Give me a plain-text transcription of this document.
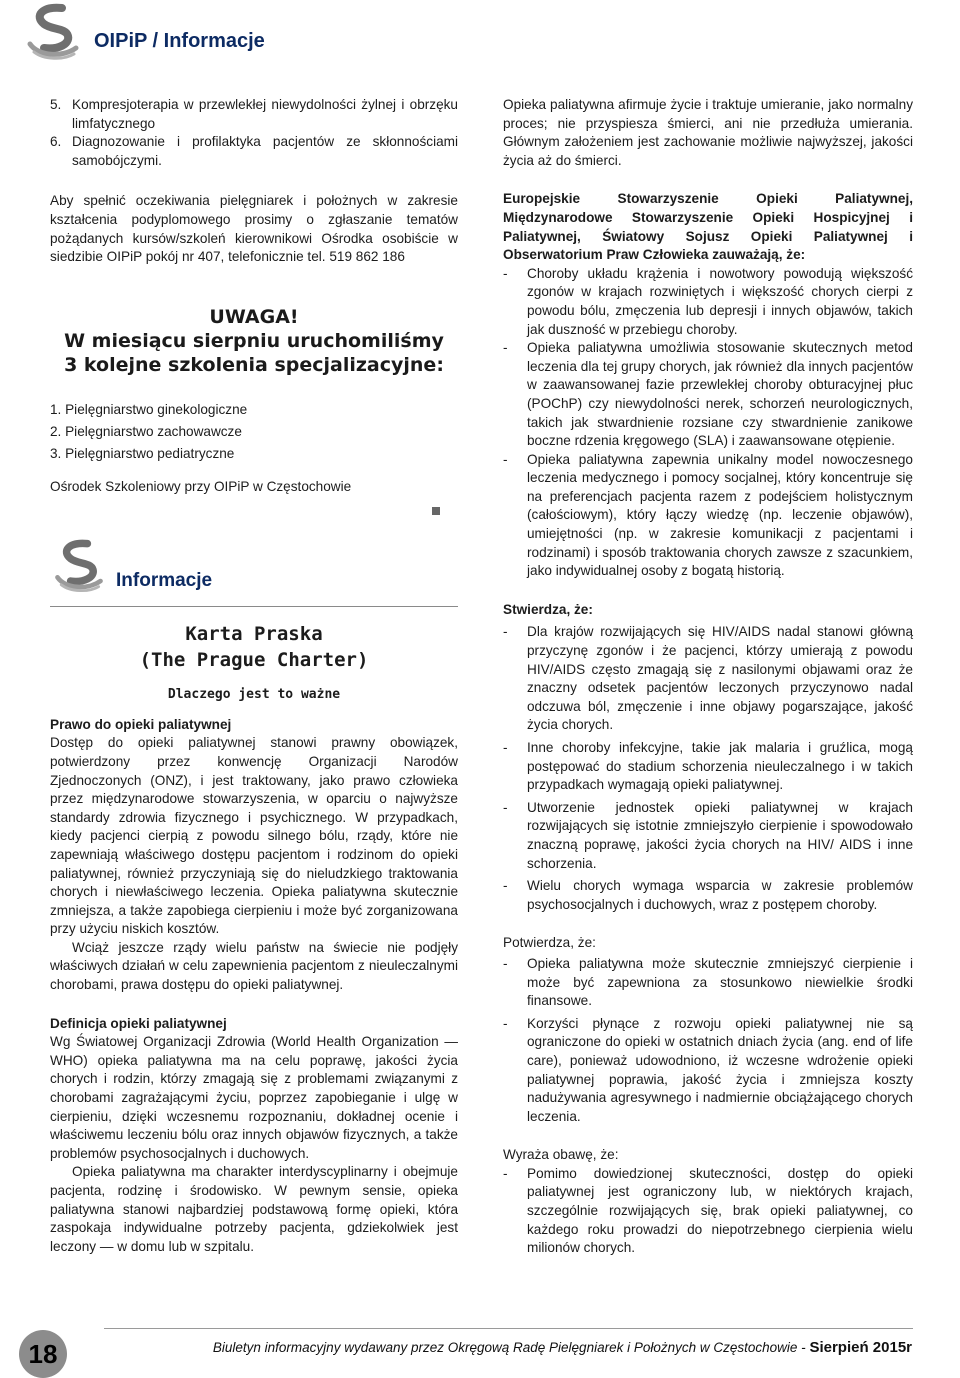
OIPiP / Informacje
5. Kompresjoterapia w przewlekłej niewydolności żylnej i obrzęku limfatycznego
6. Diagnozowanie i profilaktyka pacjentów ze skłonnościami samobójczymi.

Aby spełnić oczekiwania pielęgniarek i położnych w zakresie kształcenia podyplomowego prosimy o zgłaszanie tematów pożądanych kursów/szkoleń kierownikowi Ośrodka osobiście w siedzibie OIPiP pokój nr 407, telefonicznie tel. 519 862 186

UWAGA!
W miesiącu sierpniu uruchomiliśmy
3 kolejne szkolenia specjalizacyjne:
1. Pielęgniarstwo ginekologiczne
2. Pielęgniarstwo zachowawcze
3. Pielęgniarstwo pediatryczne
Ośrodek Szkoleniowy przy OIPiP w Częstochowie
Informacje
Karta Praska
(The Prague Charter)
Dlaczego jest to ważne
Prawo do opieki paliatywnej

Dostęp do opieki paliatywnej stanowi prawny obowiązek, potwierdzony przez konwencję Organizacji Narodów Zjednoczonych (ONZ), i jest traktowany, jako prawo człowieka przez międzynarodowe stowarzyszenia, w oparciu o najwyższe standardy zdrowia fizycznego i psychicznego. W przypadkach, kiedy pacjenci cierpią z powodu silnego bólu, rządy, które nie zapewniają właściwego dostępu pacjentom i rodzinom do opieki paliatywnej, również przyczyniają się do nieludzkiego traktowania chorych i niewłaściwego leczenia. Opieka paliatywna skutecznie zmniejsza, a także zapobiega cierpieniu i może być zorganizowana przy użyciu niskich kosztów.

Wciąż jeszcze rządy wielu państw na świecie nie podjęły właściwych działań w celu zapewnienia pacjentom z nieuleczalnymi chorobami, prawa dostępu do opieki paliatywnej.

Definicja opieki paliatywnej

Wg Światowej Organizacji Zdrowia (World Health Organization — WHO) opieka paliatywna ma na celu poprawę, jakości życia chorych i rodzin, którzy zmagają się z problemami związanymi z chorobami zagrażającymi życiu, poprzez zapobieganie i ulgę w cierpieniu, dzięki wczesnemu rozpoznaniu, dokładnej ocenie i właściwemu leczeniu bólu oraz innych objawów fizycznych, a także problemów psychosocjalnych i duchowych.

Opieka paliatywna ma charakter interdyscyplinarny i obejmuje pacjenta, rodzinę i środowisko. W pewnym sensie, opieka paliatywna stanowi najbardziej podstawową formę opieki, która zaspokaja indywidualne potrzeby pacjenta, gdziekolwiek jest leczony — w domu lub w szpitalu.

Opieka paliatywna afirmuje życie i traktuje umieranie, jako normalny proces; nie przyspiesza śmierci, ani nie przedłuża umierania. Głównym założeniem jest zachowanie możliwie najwyższej, jakości życia aż do śmierci.

Europejskie Stowarzyszenie Opieki Paliatywnej, Międzynarodowe Stowarzyszenie Opieki Hospicyjnej i Paliatywnej, Światowy Sojusz Opieki Paliatywnej i Obserwatorium Praw Człowieka zauważają, że:
-	Choroby układu krążenia i nowotwory powodują większość zgonów w krajach rozwiniętych i większość chorych cierpi z powodu bólu, zmęczenia lub depresji i innych objawów, takich jak duszność w przebiegu choroby.
-	Opieka paliatywna umożliwia stosowanie skutecznych metod leczenia dla tej grupy chorych, jak również dla innych pacjentów w zaawansowanej fazie przewlekłej choroby obturacyjnej płuc (POChP) czy niewydolności nerek, schorzeń neurologicznych, takich jak stwardnienie rozsiane czy stwardnienie zanikowe boczne rdzenia kręgowego (SLA) i zaawansowane otępienie.
-	Opieka paliatywna zapewnia unikalny model nowoczesnego leczenia medycznego i pomocy socjalnej, który koncentruje się na preferencjach pacjenta razem z podejściem holistycznym (całościowym), który łączy wiedzę (np. leczenie objawów), umiejętności (np. w zakresie komunikacji z pacjentami i rodzinami) i sposób traktowania chorych zawsze z szacunkiem, jako indywidualnej osoby z bogatą historią.
Stwierdza, że:
-	Dla krajów rozwijających się HIV/AIDS nadal stanowi główną przyczynę zgonów i że pacjenci, którzy umierają z powodu HIV/AIDS często zmagają się z nasilonymi objawami oraz że znaczny odsetek pacjentów leczonych przyczynowo nadal odczuwa ból, zmęczenie i inne objawy pogarszające, jakość życia chorych.
-	Inne choroby infekcyjne, takie jak malaria i gruźlica, mogą postępować do stadium schorzenia nieuleczalnego i w takich przypadkach wymagają opieki paliatywnej.
-	Utworzenie jednostek opieki paliatywnej w krajach rozwijających się istotnie zmniejszyło cierpienie i spowodowało znaczną poprawę, jakości życia chorych na HIV/ AIDS i inne schorzenia.
-	Wielu chorych wymaga wsparcia w zakresie problemów psychosocjalnych i duchowych, wraz z postępem choroby.
Potwierdza, że:
-	Opieka paliatywna może skutecznie zmniejszyć cierpienie i może być zapewniona za stosunkowo niewielkie środki finansowe.
-	Korzyści płynące z rozwoju opieki paliatywnej nie są ograniczone do opieki w ostatnich dniach życia (ang. end of life care), ponieważ udowodniono, iż wczesne wdrożenie opieki paliatywnej poprawia, jakość życia i zmniejsza koszty nadużywania agresywnego i nadmiernie obciążającego chorych leczenia.
Wyraża obawę, że:
-	Pomimo dowiedzionej skuteczności, dostęp do opieki paliatywnej jest ograniczony lub, w niektórych krajach, szczególnie rozwijających się, brak opieki paliatywnej, co każdego roku prowadzi do niepotrzebnego cierpienia wielu milionów chorych.
18	Biuletyn informacyjny wydawany przez Okręgową Radę Pielęgniarek i Położnych w Częstochowie - Sierpień 2015r
